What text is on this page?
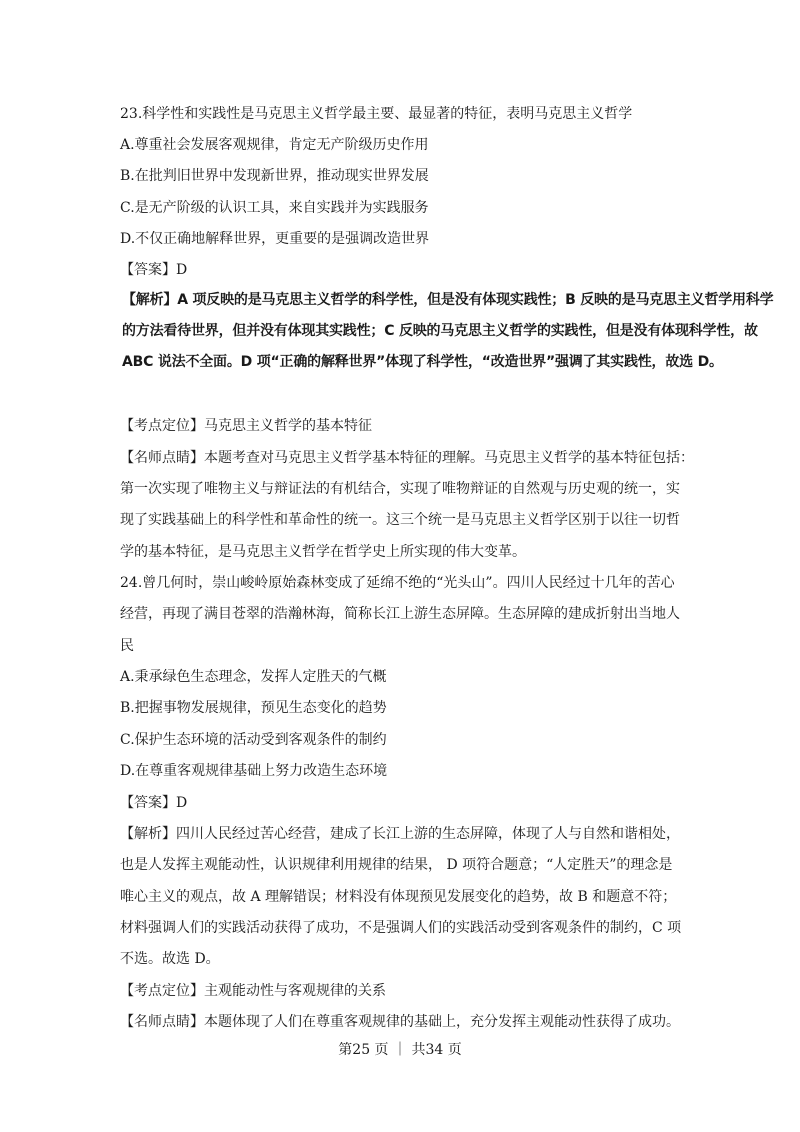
23.科学性和实践性是马克思主义哲学最主要、最显著的特征，表明马克思主义哲学
A.尊重社会发展客观规律，肯定无产阶级历史作用
B.在批判旧世界中发现新世界，推动现实世界发展
C.是无产阶级的认识工具，来自实践并为实践服务
D.不仅正确地解释世界，更重要的是强调改造世界
【答案】D
【解析】A 项反映的是马克思主义哲学的科学性，但是没有体现实践性；B 反映的是马克思主义哲学用科学
的方法看待世界，但并没有体现其实践性；C 反映的马克思主义哲学的实践性，但是没有体现科学性，故
ABC 说法不全面。D 项“正确的解释世界”体现了科学性，“改造世界”强调了其实践性，故选 D。
【考点定位】马克思主义哲学的基本特征
【名师点睛】本题考查对马克思主义哲学基本特征的理解。马克思主义哲学的基本特征包括：
第一次实现了唯物主义与辩证法的有机结合，实现了唯物辩证的自然观与历史观的统一，实
现了实践基础上的科学性和革命性的统一。这三个统一是马克思主义哲学区别于以往一切哲
学的基本特征，是马克思主义哲学在哲学史上所实现的伟大变革。
24.曾几何时，崇山峻岭原始森林变成了延绵不绝的“光头山”。四川人民经过十几年的苦心
经营，再现了满目苍翠的浩瀚林海，简称长江上游生态屏障。生态屏障的建成折射出当地人
民
A.秉承绿色生态理念，发挥人定胜天的气概
B.把握事物发展规律，预见生态变化的趋势
C.保护生态环境的活动受到客观条件的制约
D.在尊重客观规律基础上努力改造生态环境
【答案】D
【解析】四川人民经过苦心经营，建成了长江上游的生态屏障，体现了人与自然和谐相处，
也是人发挥主观能动性，认识规律利用规律的结果， D 项符合题意；“人定胜天”的理念是
唯心主义的观点，故 A 理解错误；材料没有体现预见发展变化的趋势，故 B 和题意不符；
材料强调人们的实践活动获得了成功，不是强调人们的实践活动受到客观条件的制约，C 项
不选。故选 D。
【考点定位】主观能动性与客观规律的关系
【名师点睛】本题体现了人们在尊重客观规律的基础上，充分发挥主观能动性获得了成功。
第25 页 ｜ 共34 页
